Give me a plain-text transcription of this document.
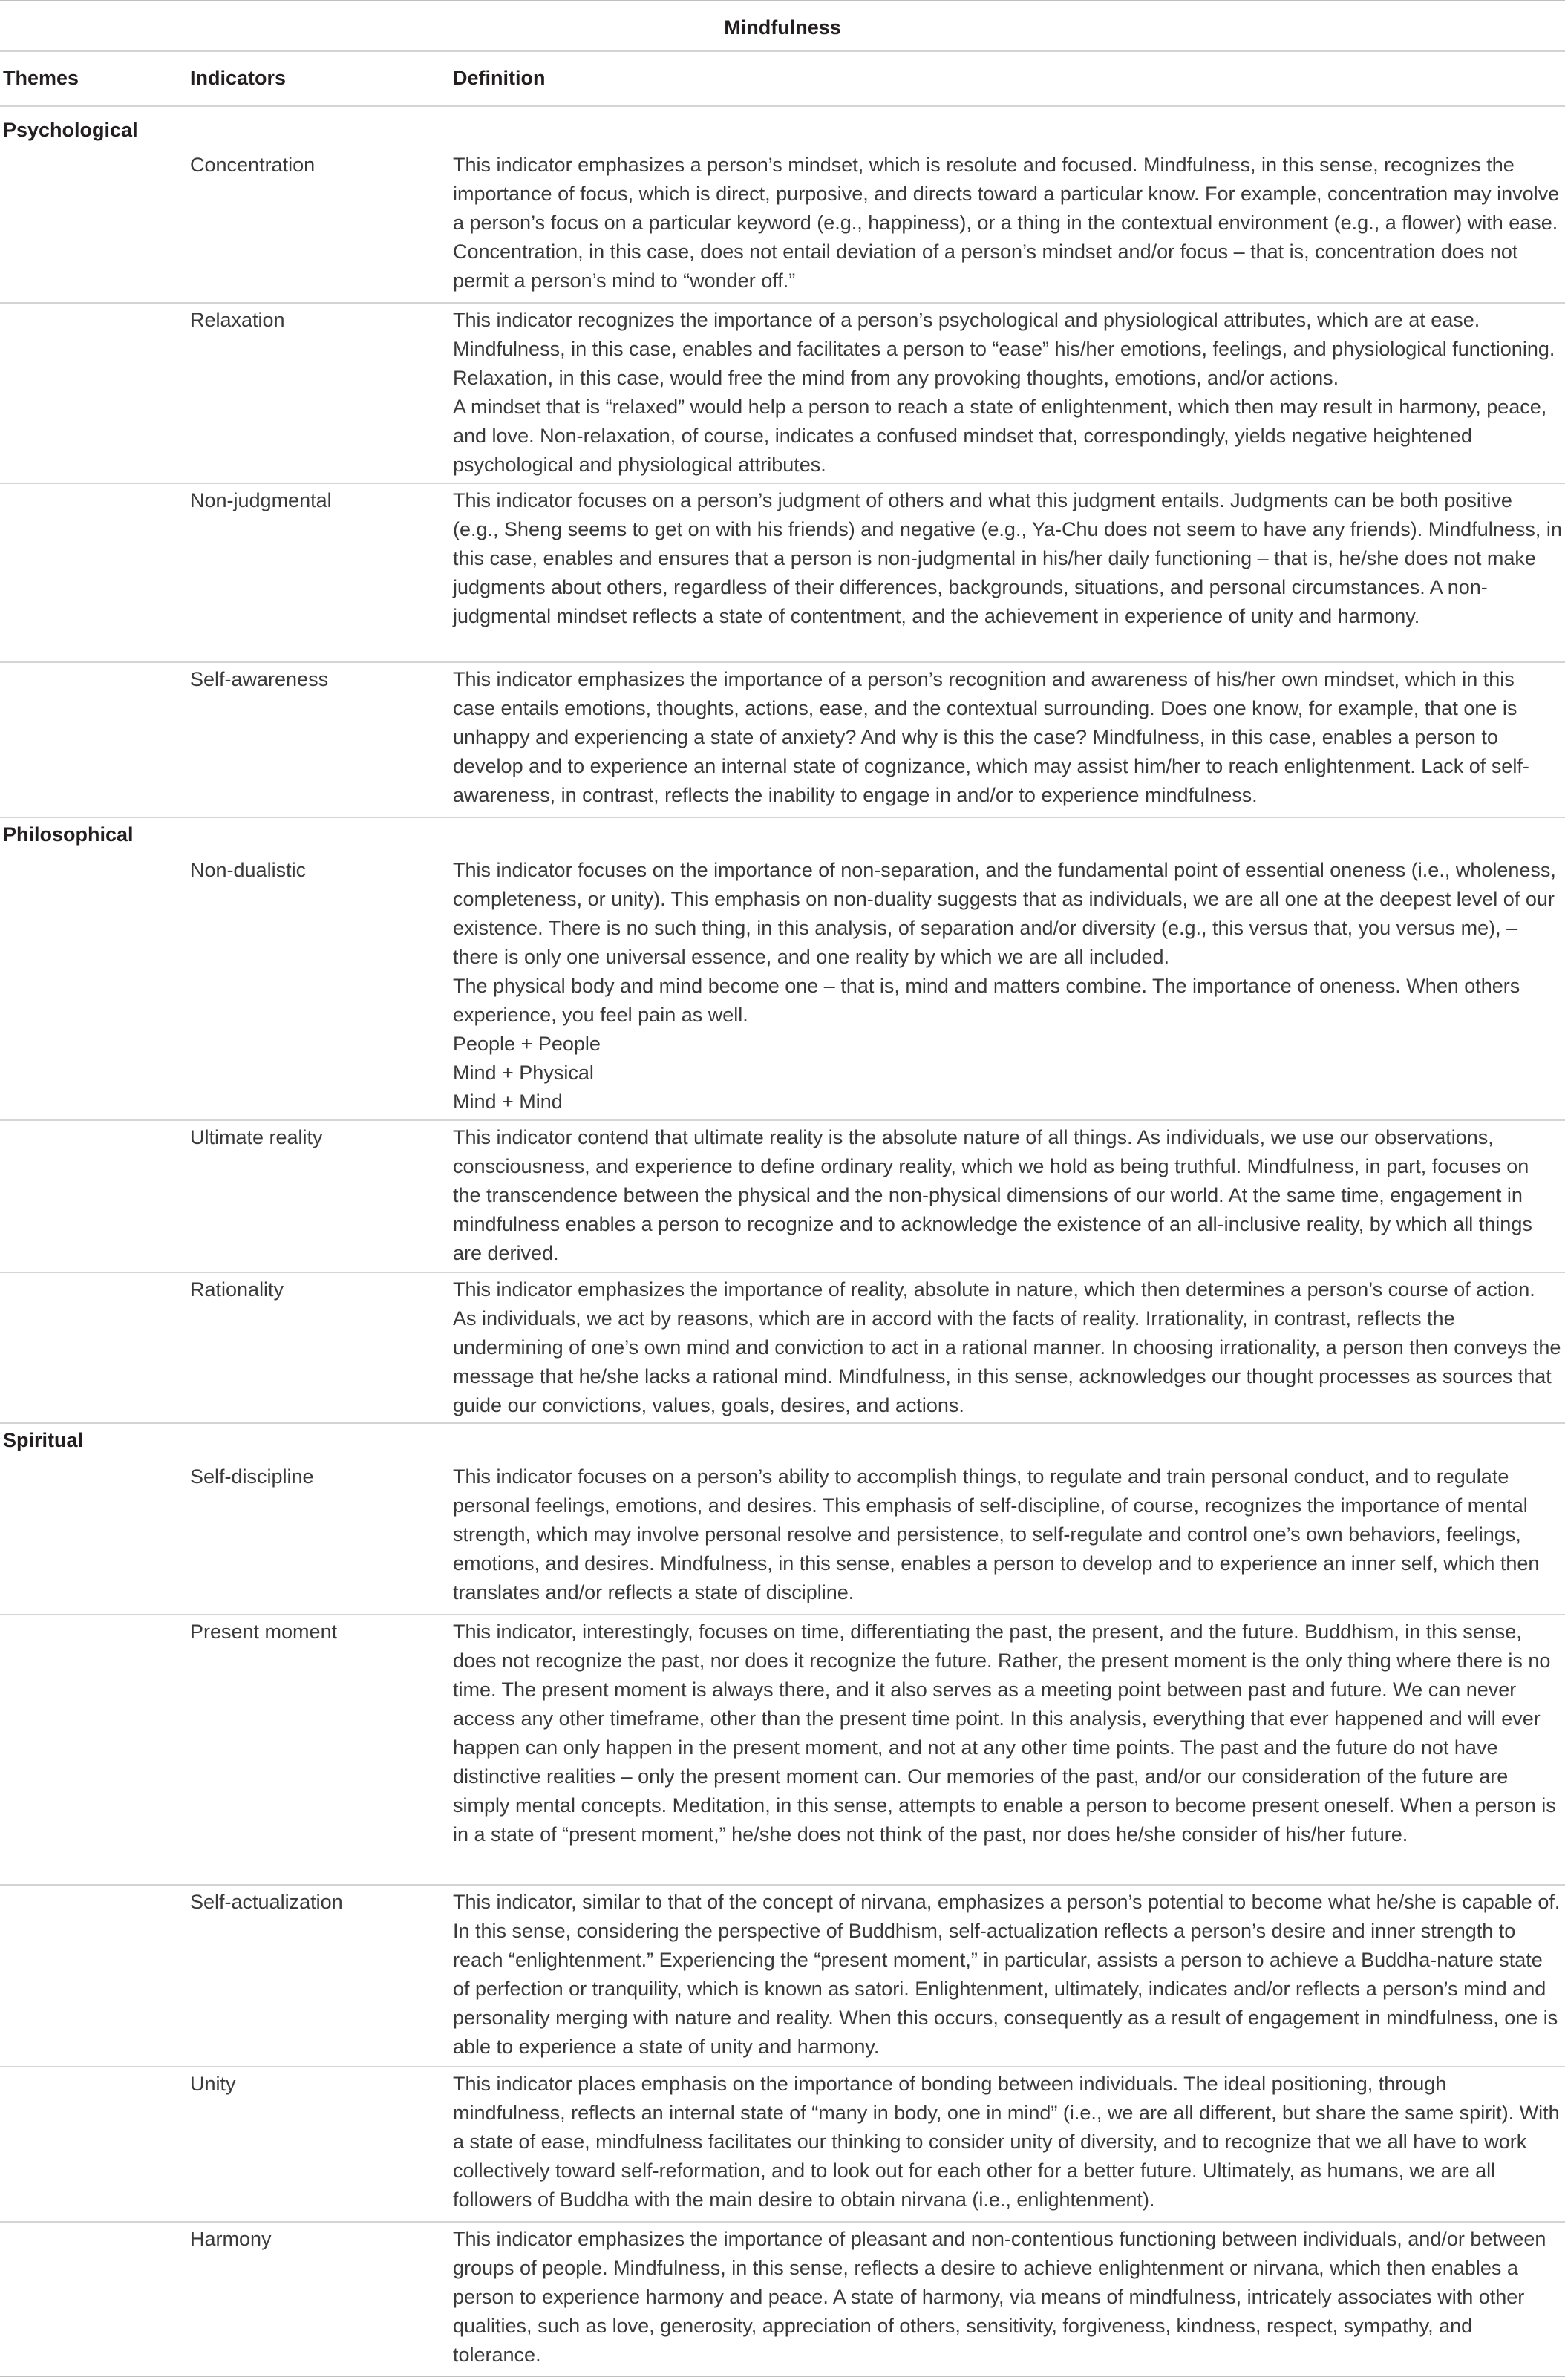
Mindfulness
Themes	Indicators	Definition
Psychological
Concentration	This indicator emphasizes a person’s mindset, which is resolute and focused. Mindfulness, in this sense, recognizes the importance of focus, which is direct, purposive, and directs toward a particular know. For example, concentration may involve a person’s focus on a particular keyword (e.g., happiness), or a thing in the contextual environment (e.g., a flower) with ease. Concentration, in this case, does not entail deviation of a person’s mindset and/or focus – that is, concentration does not permit a person’s mind to “wonder off.”

Relaxation	This indicator recognizes the importance of a person’s psychological and physiological attributes, which are at ease. Mindfulness, in this case, enables and facilitates a person to “ease” his/her emotions, feelings, and physiological functioning. Relaxation, in this case, would free the mind from any provoking thoughts, emotions, and/or actions.
A mindset that is “relaxed” would help a person to reach a state of enlightenment, which then may result in harmony, peace, and love. Non-relaxation, of course, indicates a confused mindset that, correspondingly, yields negative heightened psychological and physiological attributes.

Non-judgmental	This indicator focuses on a person’s judgment of others and what this judgment entails. Judgments can be both positive (e.g., Sheng seems to get on with his friends) and negative (e.g., Ya-Chu does not seem to have any friends). Mindfulness, in this case, enables and ensures that a person is non-judgmental in his/her daily functioning – that is, he/she does not make judgments about others, regardless of their differences, backgrounds, situations, and personal circumstances. A non-judgmental mindset reflects a state of contentment, and the achievement in experience of unity and harmony.

Self-awareness	This indicator emphasizes the importance of a person’s recognition and awareness of his/her own mindset, which in this case entails emotions, thoughts, actions, ease, and the contextual surrounding. Does one know, for example, that one is unhappy and experiencing a state of anxiety? And why is this the case? Mindfulness, in this case, enables a person to develop and to experience an internal state of cognizance, which may assist him/her to reach enlightenment. Lack of self-awareness, in contrast, reflects the inability to engage in and/or to experience mindfulness.

Philosophical
Non-dualistic	This indicator focuses on the importance of non-separation, and the fundamental point of essential oneness (i.e., wholeness, completeness, or unity). This emphasis on non-duality suggests that as individuals, we are all one at the deepest level of our existence. There is no such thing, in this analysis, of separation and/or diversity (e.g., this versus that, you versus me), – there is only one universal essence, and one reality by which we are all included.
The physical body and mind become one – that is, mind and matters combine. The importance of oneness. When others experience, you feel pain as well.
People + People
Mind + Physical
Mind + Mind

Ultimate reality	This indicator contend that ultimate reality is the absolute nature of all things. As individuals, we use our observations, consciousness, and experience to define ordinary reality, which we hold as being truthful. Mindfulness, in part, focuses on the transcendence between the physical and the non-physical dimensions of our world. At the same time, engagement in mindfulness enables a person to recognize and to acknowledge the existence of an all-inclusive reality, by which all things are derived.

Rationality	This indicator emphasizes the importance of reality, absolute in nature, which then determines a person’s course of action. As individuals, we act by reasons, which are in accord with the facts of reality. Irrationality, in contrast, reflects the undermining of one’s own mind and conviction to act in a rational manner. In choosing irrationality, a person then conveys the message that he/she lacks a rational mind. Mindfulness, in this sense, acknowledges our thought processes as sources that guide our convictions, values, goals, desires, and actions.

Spiritual
Self-discipline	This indicator focuses on a person’s ability to accomplish things, to regulate and train personal conduct, and to regulate personal feelings, emotions, and desires. This emphasis of self-discipline, of course, recognizes the importance of mental strength, which may involve personal resolve and persistence, to self-regulate and control one’s own behaviors, feelings, emotions, and desires. Mindfulness, in this sense, enables a person to develop and to experience an inner self, which then translates and/or reflects a state of discipline.

Present moment	This indicator, interestingly, focuses on time, differentiating the past, the present, and the future. Buddhism, in this sense, does not recognize the past, nor does it recognize the future. Rather, the present moment is the only thing where there is no time. The present moment is always there, and it also serves as a meeting point between past and future. We can never access any other timeframe, other than the present time point. In this analysis, everything that ever happened and will ever happen can only happen in the present moment, and not at any other time points. The past and the future do not have distinctive realities – only the present moment can. Our memories of the past, and/or our consideration of the future are simply mental concepts. Meditation, in this sense, attempts to enable a person to become present oneself. When a person is in a state of “present moment,” he/she does not think of the past, nor does he/she consider of his/her future.

Self-actualization	This indicator, similar to that of the concept of nirvana, emphasizes a person’s potential to become what he/she is capable of. In this sense, considering the perspective of Buddhism, self-actualization reflects a person’s desire and inner strength to reach “enlightenment.” Experiencing the “present moment,” in particular, assists a person to achieve a Buddha-nature state of perfection or tranquility, which is known as satori. Enlightenment, ultimately, indicates and/or reflects a person’s mind and personality merging with nature and reality. When this occurs, consequently as a result of engagement in mindfulness, one is able to experience a state of unity and harmony.

Unity	This indicator places emphasis on the importance of bonding between individuals. The ideal positioning, through mindfulness, reflects an internal state of “many in body, one in mind” (i.e., we are all different, but share the same spirit). With a state of ease, mindfulness facilitates our thinking to consider unity of diversity, and to recognize that we all have to work collectively toward self-reformation, and to look out for each other for a better future. Ultimately, as humans, we are all followers of Buddha with the main desire to obtain nirvana (i.e., enlightenment).

Harmony	This indicator emphasizes the importance of pleasant and non-contentious functioning between individuals, and/or between groups of people. Mindfulness, in this sense, reflects a desire to achieve enlightenment or nirvana, which then enables a person to experience harmony and peace. A state of harmony, via means of mindfulness, intricately associates with other qualities, such as love, generosity, appreciation of others, sensitivity, forgiveness, kindness, respect, sympathy, and tolerance.
